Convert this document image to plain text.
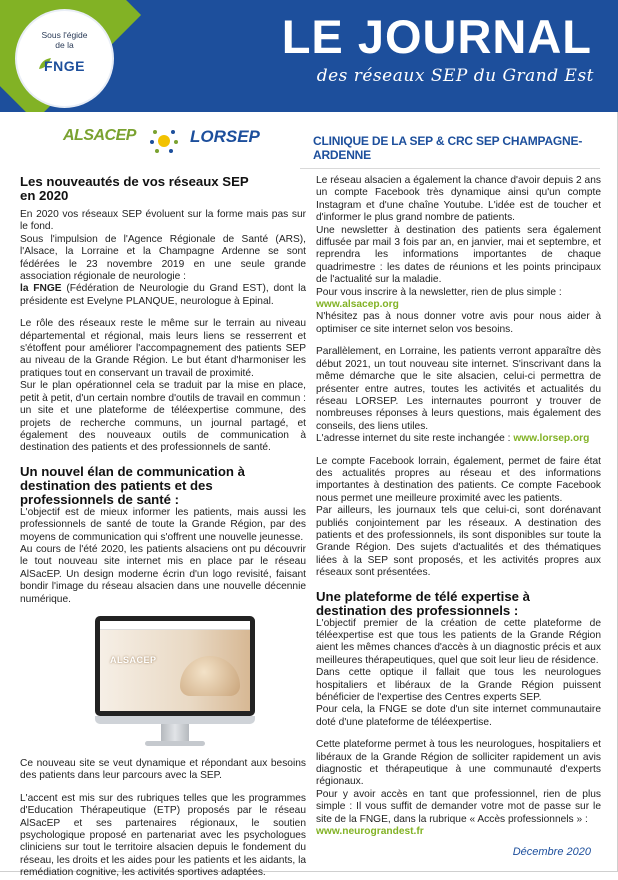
Sous l'égide
de la
FNGE
LE JOURNAL
des réseaux SEP du Grand Est
ALSACEP	LORSEP	CLINIQUE DE LA SEP & CRC SEP CHAMPAGNE-ARDENNE
Les nouveautés de vos réseaux SEP
en 2020

En 2020 vos réseaux SEP évoluent sur la forme mais pas sur le fond.

Sous l'impulsion de l'Agence Régionale de Santé (ARS), l'Alsace, la Lorraine et la Champagne Ardenne se sont fédérées le 23 novembre 2019 en une seule grande association régionale de neurologie :

la FNGE (Fédération de Neurologie du Grand EST), dont la présidente est Evelyne PLANQUE, neurologue à Epinal.

Le rôle des réseaux reste le même sur le terrain au niveau départemental et régional, mais leurs liens se resserrent et s'étoffent pour améliorer l'accompagnement des patients SEP au niveau de la Grande Région. Le but étant d'harmoniser les pratiques tout en conservant un travail de proximité.

Sur le plan opérationnel cela se traduit par la mise en place, petit à petit, d'un certain nombre d'outils de travail en commun : un site et une plateforme de téléexpertise commune, des projets de recherche communs, un journal partagé, et également des nouveaux outils de communication à destination des patients et des professionnels de santé.

Un nouvel élan de communication à destination des patients et des professionnels de santé :

L'objectif est de mieux informer les patients, mais aussi les professionnels de santé de toute la Grande Région, par des moyens de communication qui s'offrent une nouvelle jeunesse.

Au cours de l'été 2020, les patients alsaciens ont pu découvrir le tout nouveau site internet mis en place par le réseau AlSacEP. Un design moderne écrin d'un logo revisité, faisant bondir l'image du réseau alsacien dans une nouvelle décennie numérique.

ALSACEP

Ce nouveau site se veut dynamique et répondant aux besoins des patients dans leur parcours avec la SEP.

L'accent est mis sur des rubriques telles que les programmes d'Education Thérapeutique (ETP) proposés par le réseau AlSacEP et ses partenaires régionaux, le soutien psychologique proposé en partenariat avec les psychologues cliniciens sur tout le territoire alsacien depuis le fondement du réseau, les droits et les aides pour les patients et les aidants, la remédiation cognitive, les activités sportives adaptées.

Le réseau alsacien a également la chance d'avoir depuis 2 ans un compte Facebook très dynamique ainsi qu'un compte Instagram et d'une chaîne Youtube. L'idée est de toucher et d'informer le plus grand nombre de patients.

Une newsletter à destination des patients sera également diffusée par mail 3 fois par an, en janvier, mai et septembre, et reprendra les informations importantes de chaque quadrimestre : les dates de réunions et les points principaux de l'actualité sur la maladie.

Pour vous inscrire à la newsletter, rien de plus simple :

www.alsacep.org

N'hésitez pas à nous donner votre avis pour nous aider à optimiser ce site internet selon vos besoins.

Parallèlement, en Lorraine, les patients verront apparaître dès début 2021, un tout nouveau site internet. S'inscrivant dans la même démarche que le site alsacien, celui-ci permettra de présenter entre autres, toutes les activités et actualités du réseau LORSEP. Les internautes pourront y trouver de nombreuses réponses à leurs questions, mais également des conseils, des liens utiles.

L'adresse internet du site reste inchangée : www.lorsep.org

Le compte Facebook lorrain, également, permet de faire état des actualités propres au réseau et des informations importantes à destination des patients. Ce compte Facebook nous permet une meilleure proximité avec les patients.

Par ailleurs, les journaux tels que celui-ci, sont dorénavant publiés conjointement par les réseaux. A destination des patients et des professionnels, ils sont disponibles sur toute la Grande Région. Des sujets d'actualités et des thématiques liées à la SEP sont proposés, et les activités propres aux réseaux sont présentées.

Une plateforme de télé expertise à destination des professionnels :

L'objectif premier de la création de cette plateforme de téléexpertise est que tous les patients de la Grande Région aient les mêmes chances d'accès à un diagnostic précis et aux meilleures thérapeutiques, quel que soit leur lieu de résidence.

Dans cette optique il fallait que tous les neurologues hospitaliers et libéraux de la Grande Région puissent bénéficier de l'expertise des Centres experts SEP.

Pour cela, la FNGE se dote d'un site internet communautaire doté d'une plateforme de téléexpertise.

Cette plateforme permet à tous les neurologues, hospitaliers et libéraux de la Grande Région de solliciter rapidement un avis diagnostic et thérapeutique à une communauté d'experts régionaux.

Pour y avoir accès en tant que professionnel, rien de plus simple : Il vous suffit de demander votre mot de passe sur le site de la FNGE, dans la rubrique « Accès professionnels » :

www.neurograndest.fr

Décembre 2020
